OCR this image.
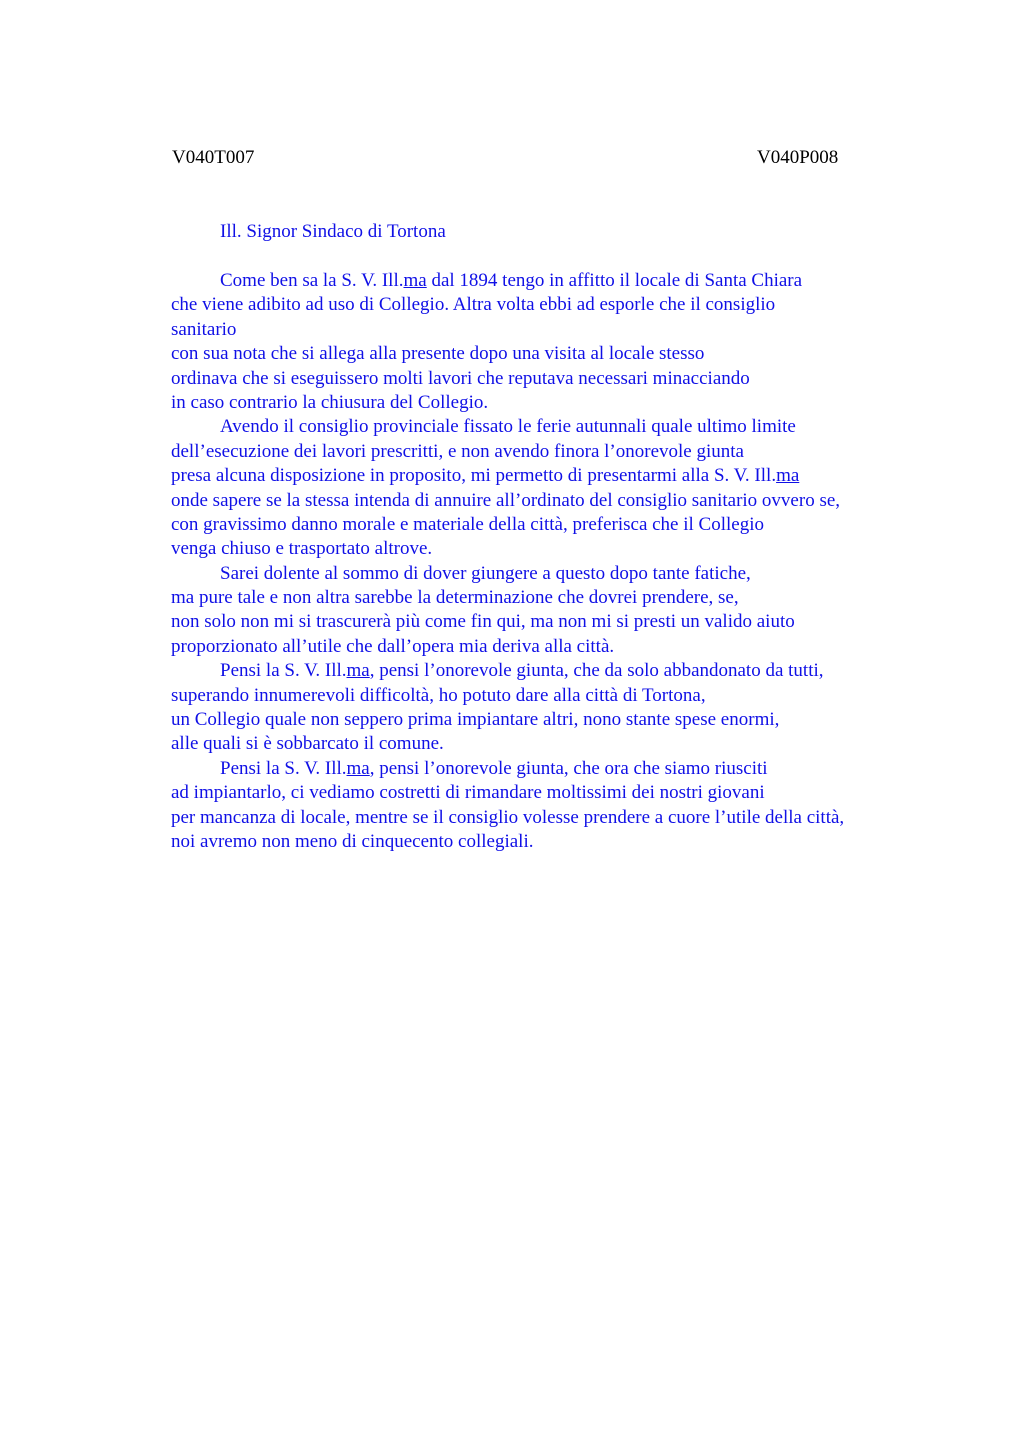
V040T007	V040P008
Ill. Signor Sindaco di Tortona
Come ben sa la S. V. Ill.ma dal 1894 tengo in affitto il locale di Santa Chiara
che viene adibito ad uso di Collegio. Altra volta ebbi ad esporle che il consiglio
sanitario
con sua nota che si allega alla presente dopo una visita al locale stesso
ordinava che si eseguissero molti lavori che reputava necessari minacciando
in caso contrario la chiusura del Collegio.
Avendo il consiglio provinciale fissato le ferie autunnali quale ultimo limite
dell’esecuzione dei lavori prescritti, e non avendo finora l’onorevole giunta
presa alcuna disposizione in proposito, mi permetto di presentarmi alla S. V. Ill.ma
onde sapere se la stessa intenda di annuire all’ordinato del consiglio sanitario ovvero se,
con gravissimo danno morale e materiale della città, preferisca che il Collegio
venga chiuso e trasportato altrove.
Sarei dolente al sommo di dover giungere a questo dopo tante fatiche,
ma pure tale e non altra sarebbe la determinazione che dovrei prendere, se,
non solo non mi si trascurerà più come fin qui, ma non mi si presti un valido aiuto
proporzionato all’utile che dall’opera mia deriva alla città.
Pensi la S. V. Ill.ma, pensi l’onorevole giunta, che da solo abbandonato da tutti,
superando innumerevoli difficoltà, ho potuto dare alla città di Tortona,
un Collegio quale non seppero prima impiantare altri, nono stante spese enormi,
alle quali si è sobbarcato il comune.
Pensi la S. V. Ill.ma, pensi l’onorevole giunta, che ora che siamo riusciti
ad impiantarlo, ci vediamo costretti di rimandare moltissimi dei nostri giovani
per mancanza di locale, mentre se il consiglio volesse prendere a cuore l’utile della città,
noi avremo non meno di cinquecento collegiali.
